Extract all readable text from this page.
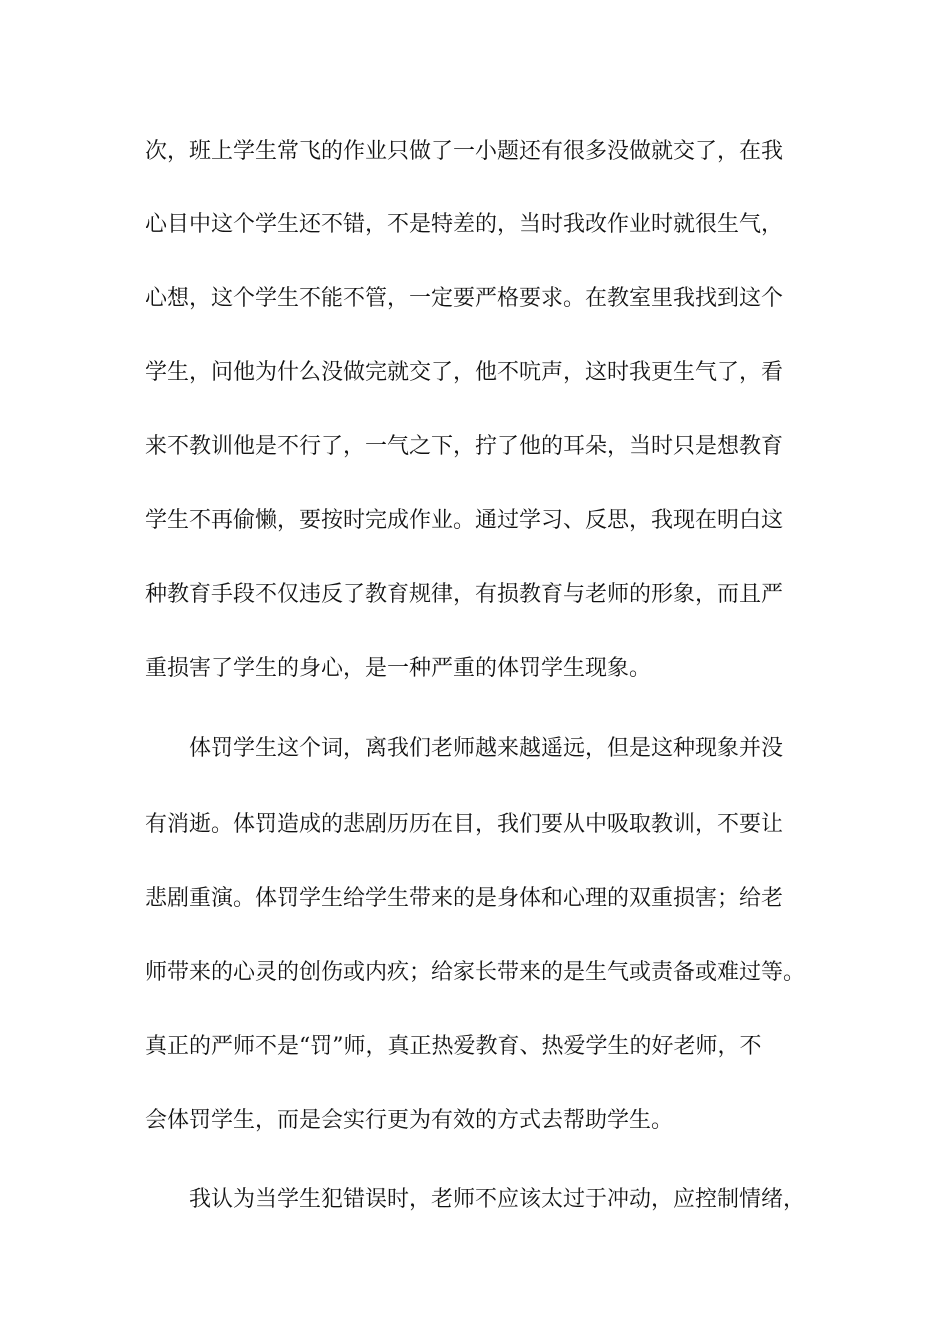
次，班上学生常飞的作业只做了一小题还有很多没做就交了，在我

心目中这个学生还不错，不是特差的，当时我改作业时就很生气，

心想，这个学生不能不管，一定要严格要求。在教室里我找到这个

学生，问他为什么没做完就交了，他不吭声，这时我更生气了，看

来不教训他是不行了，一气之下，拧了他的耳朵，当时只是想教育

学生不再偷懒，要按时完成作业。通过学习、反思，我现在明白这

种教育手段不仅违反了教育规律，有损教育与老师的形象，而且严

重损害了学生的身心，是一种严重的体罚学生现象。

体罚学生这个词，离我们老师越来越遥远，但是这种现象并没

有消逝。体罚造成的悲剧历历在目，我们要从中吸取教训，不要让

悲剧重演。体罚学生给学生带来的是身体和心理的双重损害；给老

师带来的心灵的创伤或内疚；给家长带来的是生气或责备或难过等。

真正的严师不是“罚”师，真正热爱教育、热爱学生的好老师，不

会体罚学生，而是会实行更为有效的方式去帮助学生。

我认为当学生犯错误时，老师不应该太过于冲动，应控制情绪，
